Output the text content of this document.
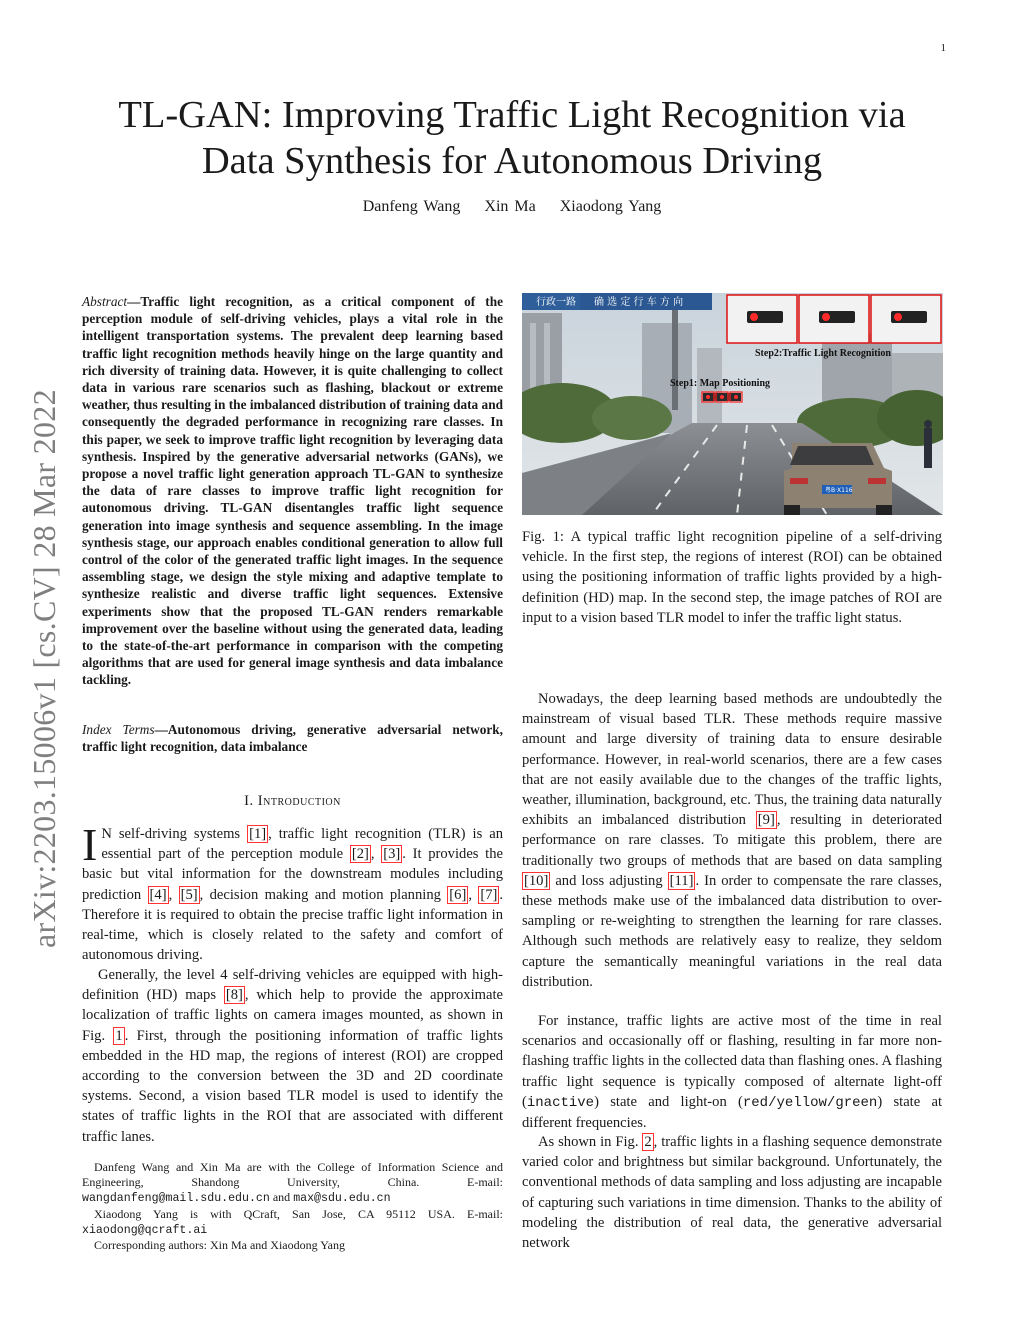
1
arXiv:2203.15006v1 [cs.CV] 28 Mar 2022
TL-GAN: Improving Traffic Light Recognition via
Data Synthesis for Autonomous Driving
Danfeng Wang Xin Ma Xiaodong Yang
Abstract—Traffic light recognition, as a critical component of the perception module of self-driving vehicles, plays a vital role in the intelligent transportation systems. The prevalent deep learning based traffic light recognition methods heavily hinge on the large quantity and rich diversity of training data. However, it is quite challenging to collect data in various rare scenarios such as flashing, blackout or extreme weather, thus resulting in the imbalanced distribution of training data and consequently the degraded performance in recognizing rare classes. In this paper, we seek to improve traffic light recognition by leveraging data synthesis. Inspired by the generative adversarial networks (GANs), we propose a novel traffic light generation approach TL-GAN to synthesize the data of rare classes to improve traffic light recognition for autonomous driving. TL-GAN disentangles traffic light sequence generation into image synthesis and sequence assembling. In the image synthesis stage, our approach enables conditional generation to allow full control of the color of the generated traffic light images. In the sequence assembling stage, we design the style mixing and adaptive template to synthesize realistic and diverse traffic light sequences. Extensive experiments show that the proposed TL-GAN renders remarkable improvement over the baseline without using the generated data, leading to the state-of-the-art performance in comparison with the competing algorithms that are used for general image synthesis and data imbalance tackling.
Index Terms—Autonomous driving, generative adversarial network, traffic light recognition, data imbalance
I. Introduction
I N self-driving systems [1] , traffic light recognition (TLR) is an essential part of the perception module [2] , [3] . It provides the basic but vital information for the downstream modules including prediction [4] , [5] , decision making and motion planning [6] , [7] . Therefore it is required to obtain the precise traffic light information in real-time, which is closely related to the safety and comfort of autonomous driving.
Generally, the level 4 self-driving vehicles are equipped with high-definition (HD) maps [8] , which help to provide the approximate localization of traffic lights on camera images mounted, as shown in Fig. 1 . First, through the positioning information of traffic lights embedded in the HD map, the regions of interest (ROI) are cropped according to the conversion between the 3D and 2D coordinate systems. Second, a vision based TLR model is used to identify the states of traffic lights in the ROI that are associated with different traffic lanes.

Danfeng Wang and Xin Ma are with the College of Information Science and Engineering, Shandong University, China. E-mail: wangdanfeng@mail.sdu.edu.cn and max@sdu.edu.cn

Xiaodong Yang is with QCraft, San Jose, CA 95112 USA. E-mail: xiaodong@qcraft.ai

Corresponding authors: Xin Ma and Xiaodong Yang

行政一路 确 选 定 行 车 方 向
Step2:Traffic Light Recognition
Step1: Map Positioning
粤B·X116
Fig. 1: A typical traffic light recognition pipeline of a self-driving vehicle. In the first step, the regions of interest (ROI) can be obtained using the positioning information of traffic lights provided by a high-definition (HD) map. In the second step, the image patches of ROI are input to a vision based TLR model to infer the traffic light status.
Nowadays, the deep learning based methods are undoubtedly the mainstream of visual based TLR. These methods require massive amount and large diversity of training data to ensure desirable performance. However, in real-world scenarios, there are a few cases that are not easily available due to the changes of the traffic lights, weather, illumination, background, etc. Thus, the training data naturally exhibits an imbalanced distribution [9] , resulting in deteriorated performance on rare classes. To mitigate this problem, there are traditionally two groups of methods that are based on data sampling [10] and loss adjusting [11] . In order to compensate the rare classes, these methods make use of the imbalanced data distribution to over-sampling or re-weighting to strengthen the learning for rare classes. Although such methods are relatively easy to realize, they seldom capture the semantically meaningful variations in the real data distribution.
For instance, traffic lights are active most of the time in real scenarios and occasionally off or flashing, resulting in far more non-flashing traffic lights in the collected data than flashing ones. A flashing traffic light sequence is typically composed of alternate light-off (inactive) state and light-on (red/yellow/green) state at different frequencies.
As shown in Fig. 2 , traffic lights in a flashing sequence demonstrate varied color and brightness but similar background. Unfortunately, the conventional methods of data sampling and loss adjusting are incapable of capturing such variations in time dimension. Thanks to the ability of modeling the distribution of real data, the generative adversarial network
